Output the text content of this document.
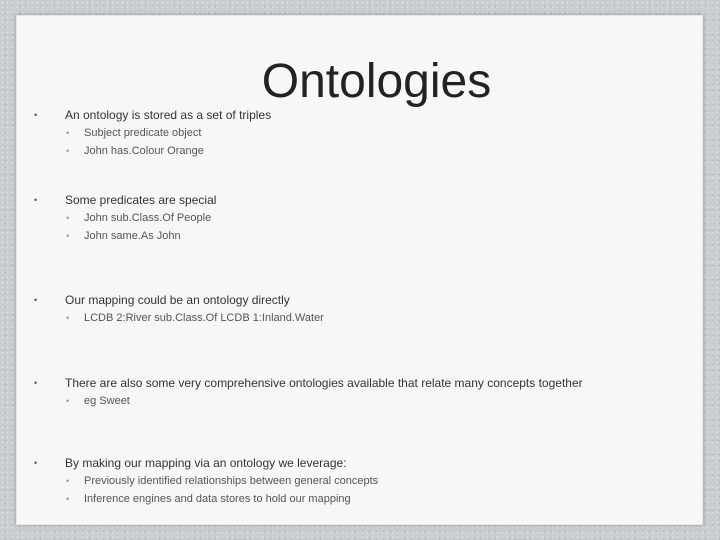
Ontologies
• An ontology is stored as a set of triples
• Subject predicate object
• John has.Colour Orange
• Some predicates are special
• John sub.Class.Of People
• John same.As John
• Our mapping could be an ontology directly
• LCDB 2:River sub.Class.Of LCDB 1:Inland.Water
• There are also some very comprehensive ontologies available that relate many concepts together
• eg Sweet
• By making our mapping via an ontology we leverage:
• Previously identified relationships between general concepts
• Inference engines and data stores to hold our mapping
